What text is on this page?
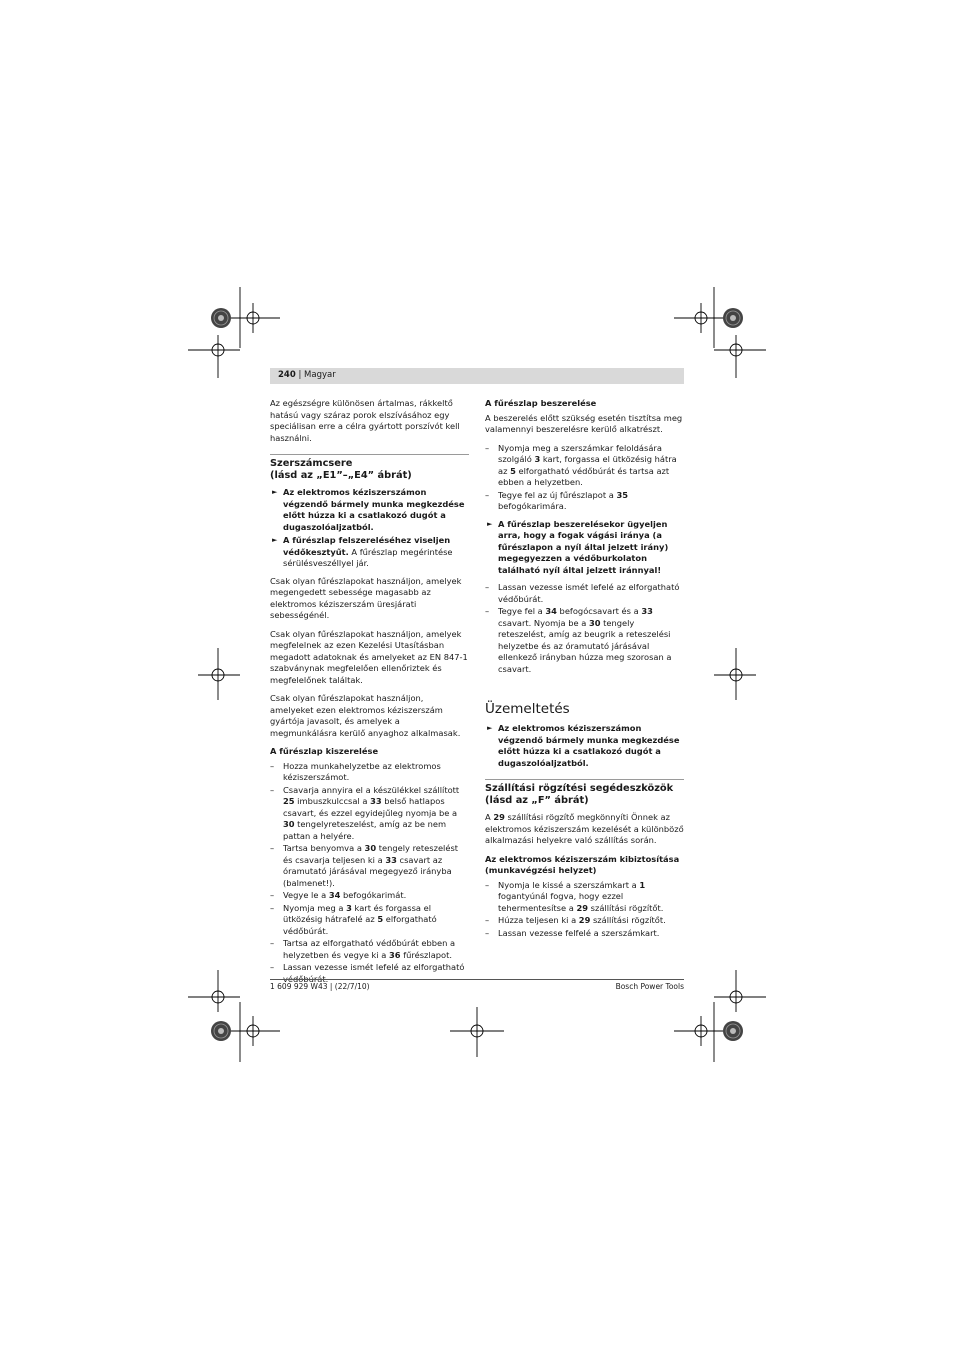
240 | Magyar

Az egészségre különösen ártalmas, rákkeltő hatású vagy száraz porok elszívásához egy speciálisan erre a célra gyártott porszívót kell használni.

Szerszámcsere
(lásd az „E1”–„E4” ábrát)
► Az elektromos kéziszerszámon végzendő bármely munka megkezdése előtt húzza ki a csatlakozó dugót a dugaszolóaljzatból.
► A fűrészlap felszereléséhez viseljen védőkesztyűt. A fűrészlap megérintése sérülésveszéllyel jár.

Csak olyan fűrészlapokat használjon, amelyek megengedett sebessége magasabb az elektromos kéziszerszám üresjárati sebességénél.

Csak olyan fűrészlapokat használjon, amelyek megfelelnek az ezen Kezelési Utasításban megadott adatoknak és amelyeket az EN 847-1 szabványnak megfelelően ellenőriztek és megfelelőnek találtak.

Csak olyan fűrészlapokat használjon, amelyeket ezen elektromos kéziszerszám gyártója javasolt, és amelyek a megmunkálásra kerülő anyaghoz alkalmasak.

A fűrészlap kiszerelése
– Hozza munkahelyzetbe az elektromos kéziszerszámot.
– Csavarja annyira el a készülékkel szállított 25 imbuszkulccsal a 33 belső hatlapos csavart, és ezzel egyidejűleg nyomja be a 30 tengelyreteszelést, amíg az be nem pattan a helyére.
– Tartsa benyomva a 30 tengely reteszelést és csavarja teljesen ki a 33 csavart az óramutató járásával megegyező irányba (balmenet!).
– Vegye le a 34 befogókarimát.
– Nyomja meg a 3 kart és forgassa el ütközésig hátrafelé az 5 elforgatható védőbúrát.
– Tartsa az elforgatható védőbúrát ebben a helyzetben és vegye ki a 36 fűrészlapot.
– Lassan vezesse ismét lefelé az elforgatható védőbúrát.
A fűrészlap beszerelése

A beszerelés előtt szükség esetén tisztítsa meg valamennyi beszerelésre kerülő alkatrészt.

– Nyomja meg a szerszámkar feloldására szolgáló 3 kart, forgassa el ütközésig hátra az 5 elforgatható védőbúrát és tartsa azt ebben a helyzetben.
– Tegye fel az új fűrészlapot a 35 befogókarimára.
► A fűrészlap beszerelésekor ügyeljen arra, hogy a fogak vágási iránya (a fűrészlapon a nyíl által jelzett irány) megegyezzen a védőburkolaton található nyíl által jelzett iránnyal!
– Lassan vezesse ismét lefelé az elforgatható védőbúrát.
– Tegye fel a 34 befogócsavart és a 33 csavart. Nyomja be a 30 tengely reteszelést, amíg az beugrik a reteszelési helyzetbe és az óramutató járásával ellenkező irányban húzza meg szorosan a csavart.
Üzemeltetés
► Az elektromos kéziszerszámon végzendő bármely munka megkezdése előtt húzza ki a csatlakozó dugót a dugaszolóaljzatból.
Szállítási rögzítési segédeszközök
(lásd az „F” ábrát)

A 29 szállítási rögzítő megkönnyíti Önnek az elektromos kéziszerszám kezelését a különböző alkalmazási helyekre való szállítás során.

Az elektromos kéziszerszám kibiztosítása (munkavégzési helyzet)
– Nyomja le kissé a szerszámkart a 1 fogantyúnál fogva, hogy ezzel tehermentesítse a 29 szállítási rögzítőt.
– Húzza teljesen ki a 29 szállítási rögzítőt.
– Lassan vezesse felfelé a szerszámkart.
1 609 929 W43 | (22/7/10)	Bosch Power Tools
